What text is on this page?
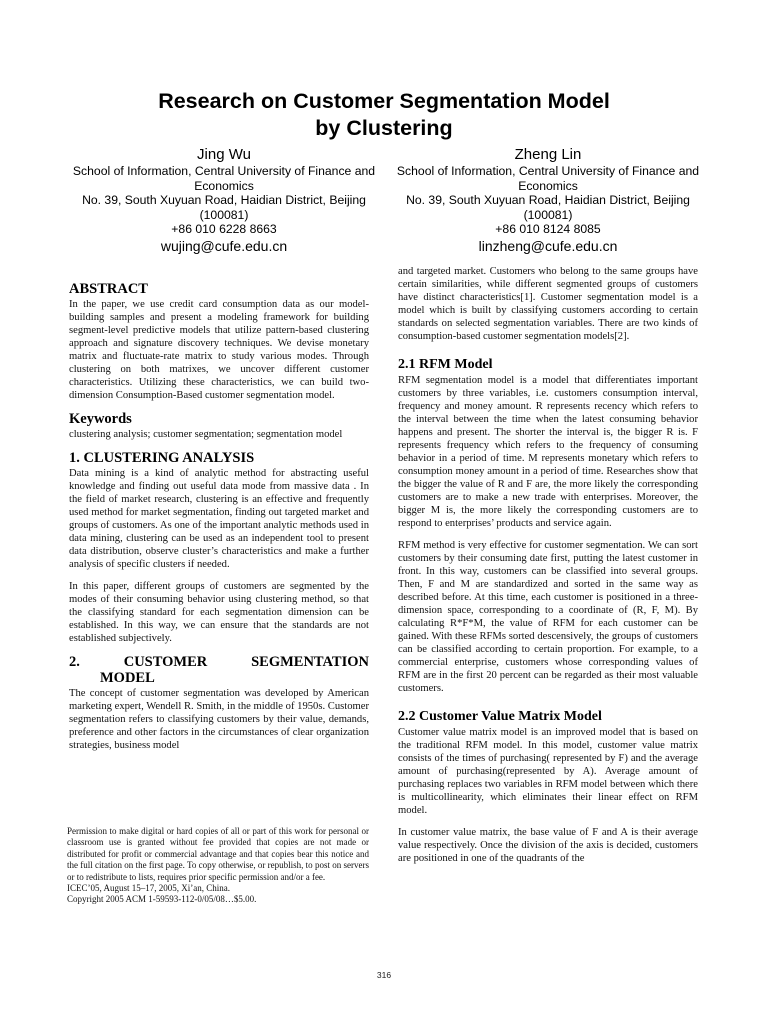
Research on Customer Segmentation Model
by Clustering
Jing Wu
School of Information, Central University of Finance and Economics
No. 39, South Xuyuan Road, Haidian District, Beijing (100081)
+86 010 6228 8663
wujing@cufe.edu.cn
Zheng Lin
School of Information, Central University of Finance and Economics
No. 39, South Xuyuan Road, Haidian District, Beijing (100081)
+86 010 8124 8085
linzheng@cufe.edu.cn
ABSTRACT

In the paper, we use credit card consumption data as our model-building samples and present a modeling framework for building segment-level predictive models that utilize pattern-based clustering approach and signature discovery techniques. We devise monetary matrix and fluctuate-rate matrix to study various modes. Through clustering on both matrixes, we uncover different customer characteristics. Utilizing these characteristics, we can build two-dimension Consumption-Based customer segmentation model.

Keywords

clustering analysis; customer segmentation; segmentation model

1. CLUSTERING ANALYSIS

Data mining is a kind of analytic method for abstracting useful knowledge and finding out useful data mode from massive data . In the field of market research, clustering is an effective and frequently used method for market segmentation, finding out targeted market and groups of customers. As one of the important analytic methods used in data mining, clustering can be used as an independent tool to present data distribution, observe cluster’s characteristics and make a further analysis of specific clusters if needed.

In this paper, different groups of customers are segmented by the modes of their consuming behavior using clustering method, so that the classifying standard for each segmentation dimension can be established. In this way, we can ensure that the standards are not established subjectively.

2.	CUSTOMER	SEGMENTATION
MODEL

The concept of customer segmentation was developed by American marketing expert, Wendell R. Smith, in the middle of 1950s. Customer segmentation refers to classifying customers by their value, demands, preference and other factors in the circumstances of clear organization strategies, business model

and targeted market. Customers who belong to the same groups have certain similarities, while different segmented groups of customers have distinct characteristics[1]. Customer segmentation model is a model which is built by classifying customers according to certain standards on selected segmentation variables. There are two kinds of consumption-based customer segmentation models[2].

2.1 RFM Model

RFM segmentation model is a model that differentiates important customers by three variables, i.e. customers consumption interval, frequency and money amount. R represents recency which refers to the interval between the time when the latest consuming behavior happens and present. The shorter the interval is, the bigger R is. F represents frequency which refers to the frequency of consuming behavior in a period of time. M represents monetary which refers to consumption money amount in a period of time. Researches show that the bigger the value of R and F are, the more likely the corresponding customers are to make a new trade with enterprises. Moreover, the bigger M is, the more likely the corresponding customers are to respond to enterprises’ products and service again.

RFM method is very effective for customer segmentation. We can sort customers by their consuming date first, putting the latest customer in front. In this way, customers can be classified into several groups. Then, F and M are standardized and sorted in the same way as described before. At this time, each customer is positioned in a three-dimension space, corresponding to a coordinate of (R, F, M). By calculating R*F*M, the value of RFM for each customer can be gained. With these RFMs sorted descensively, the groups of customers can be classified according to certain proportion. For example, to a commercial enterprise, customers whose corresponding values of RFM are in the first 20 percent can be regarded as their most valuable customers.

2.2 Customer Value Matrix Model

Customer value matrix model is an improved model that is based on the traditional RFM model. In this model, customer value matrix consists of the times of purchasing( represented by F) and the average amount of purchasing(represented by A). Average amount of purchasing replaces two variables in RFM model between which there is multicollinearity, which eliminates their linear effect on RFM model.

In customer value matrix, the base value of F and A is their average value respectively. Once the division of the axis is decided, customers are positioned in one of the quadrants of the

Permission to make digital or hard copies of all or part of this work for personal or classroom use is granted without fee provided that copies are not made or distributed for profit or commercial advantage and that copies bear this notice and the full citation on the first page. To copy otherwise, or republish, to post on servers or to redistribute to lists, requires prior specific permission and/or a fee.

ICEC’05, August 15–17, 2005, Xi’an, China.

Copyright 2005 ACM 1-59593-112-0/05/08…$5.00.

316
